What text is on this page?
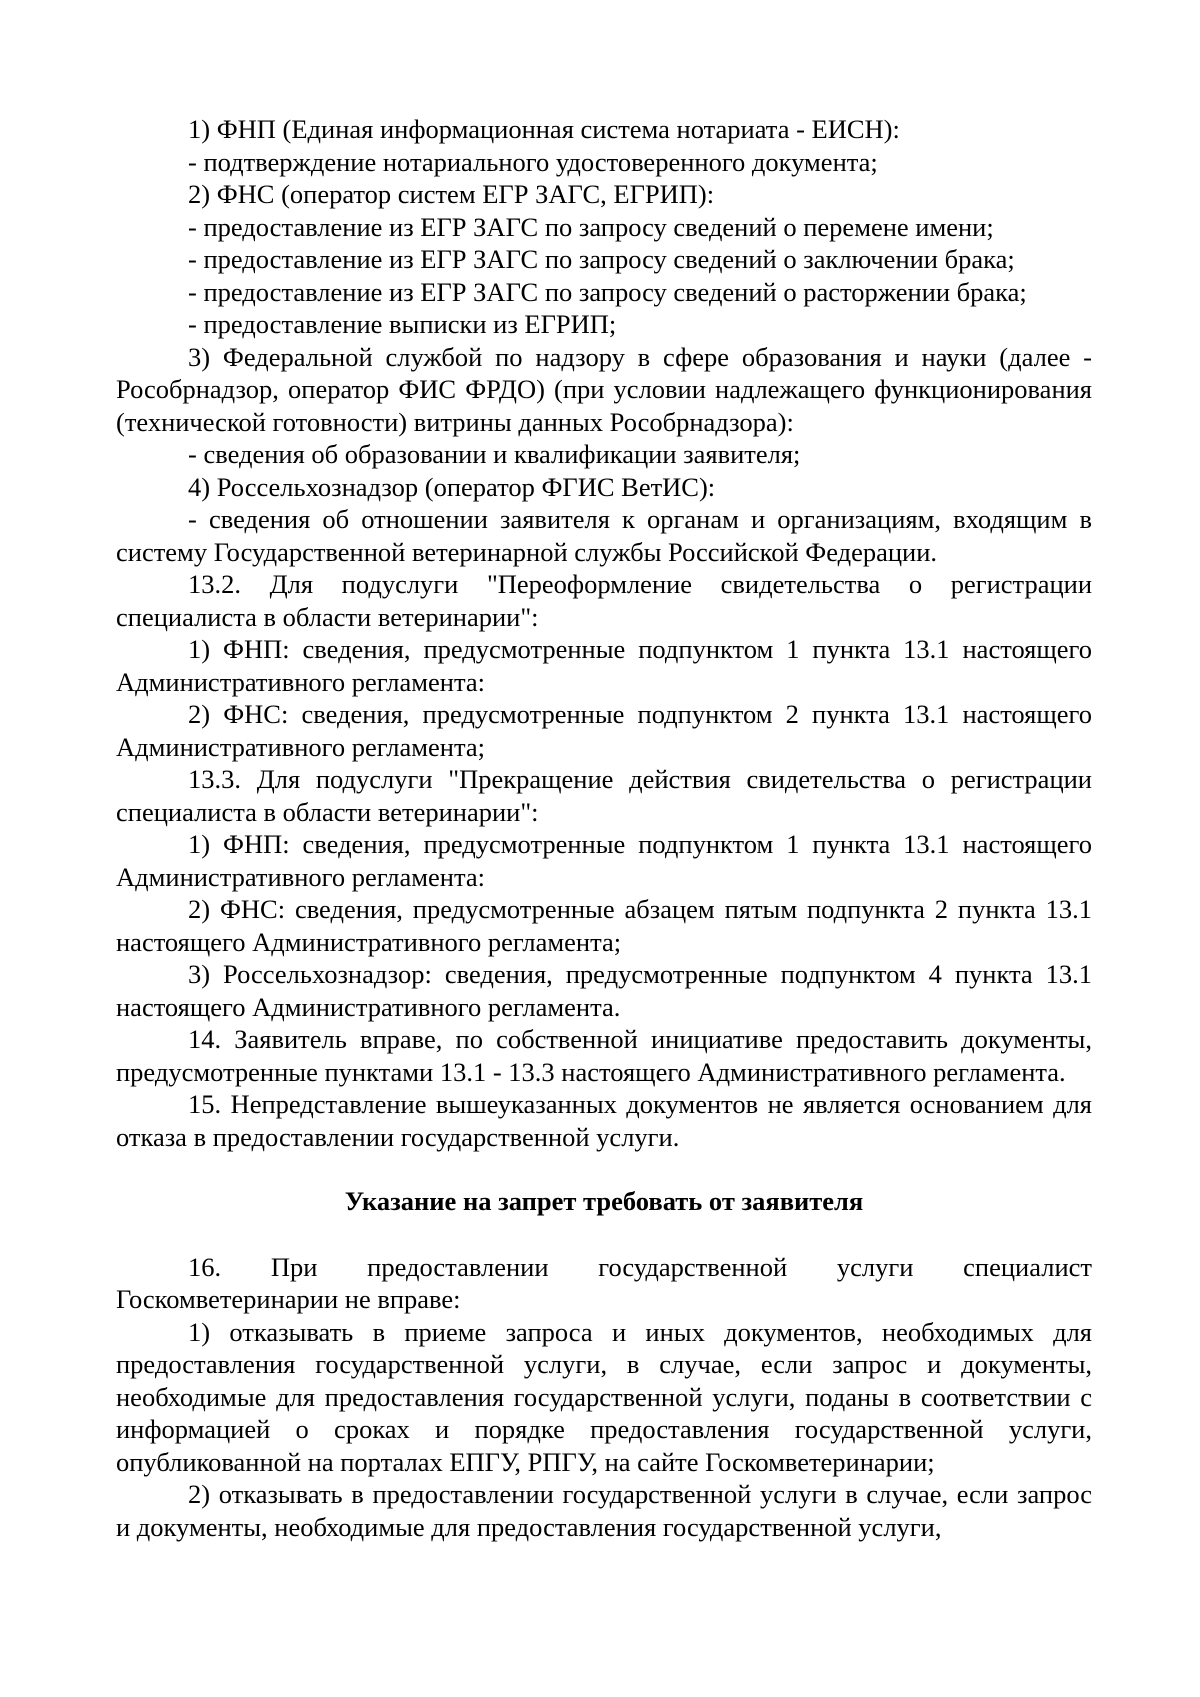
1) ФНП (Единая информационная система нотариата - ЕИСН):

- подтверждение нотариального удостоверенного документа;

2) ФНС (оператор систем ЕГР ЗАГС, ЕГРИП):

- предоставление из ЕГР ЗАГС по запросу сведений о перемене имени;

- предоставление из ЕГР ЗАГС по запросу сведений о заключении брака;

- предоставление из ЕГР ЗАГС по запросу сведений о расторжении брака;

- предоставление выписки из ЕГРИП;

3) Федеральной службой по надзору в сфере образования и науки (далее - Рособрнадзор, оператор ФИС ФРДО) (при условии надлежащего функционирования (технической готовности) витрины данных Рособрнадзора):

- сведения об образовании и квалификации заявителя;

4) Россельхознадзор (оператор ФГИС ВетИС):

- сведения об отношении заявителя к органам и организациям, входящим в систему Государственной ветеринарной службы Российской Федерации.

13.2. Для подуслуги "Переоформление свидетельства о регистрации специалиста в области ветеринарии":

1) ФНП: сведения, предусмотренные подпунктом 1 пункта 13.1 настоящего Административного регламента:

2) ФНС: сведения, предусмотренные подпунктом 2 пункта 13.1 настоящего Административного регламента;

13.3. Для подуслуги "Прекращение действия свидетельства о регистрации специалиста в области ветеринарии":

1) ФНП: сведения, предусмотренные подпунктом 1 пункта 13.1 настоящего Административного регламента:

2) ФНС: сведения, предусмотренные абзацем пятым подпункта 2 пункта 13.1 настоящего Административного регламента;

3) Россельхознадзор: сведения, предусмотренные подпунктом 4 пункта 13.1 настоящего Административного регламента.

14. Заявитель вправе, по собственной инициативе предоставить документы, предусмотренные пунктами 13.1 - 13.3 настоящего Административного регламента.

15. Непредставление вышеуказанных документов не является основанием для отказа в предоставлении государственной услуги.

Указание на запрет требовать от заявителя

16. При предоставлении государственной услуги специалист Госкомветеринарии не вправе:

1) отказывать в приеме запроса и иных документов, необходимых для предоставления государственной услуги, в случае, если запрос и документы, необходимые для предоставления государственной услуги, поданы в соответствии с информацией о сроках и порядке предоставления государственной услуги, опубликованной на порталах ЕПГУ, РПГУ, на сайте Госкомветеринарии;

2) отказывать в предоставлении государственной услуги в случае, если запрос и документы, необходимые для предоставления государственной услуги,
